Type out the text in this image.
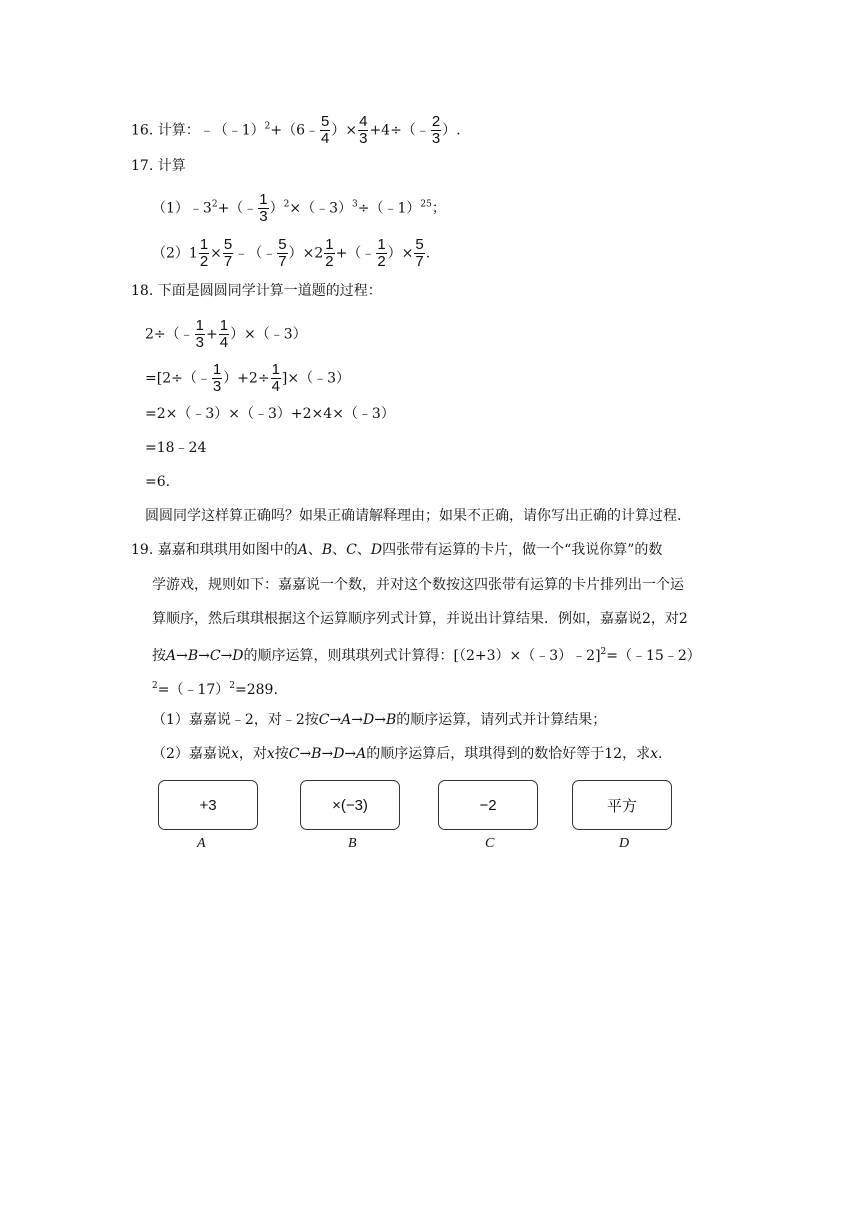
16. 计算：﹣（﹣1）$^2$+（6﹣ $\frac{5}{4}$ ）× $\frac{4}{3}$ +4÷（﹣ $\frac{2}{3}$ ）.
17. 计算
$(1)﹣3^2+(﹣ \frac{1}{3}$ ）$^2$×（﹣3）$^3$÷（﹣1）$^{25}$；
$(2)1 \frac{1}{2} \times \frac{5}{7}$ ﹣（﹣ $\frac{5}{7} )\times 2 \frac{1}{2}$ +（﹣ $\frac{1}{2}$ ）× $\frac{5}{7}$ .
18. 下面是圆圆同学计算一道题的过程：
2÷（﹣ $\frac{1}{3} + \frac{1}{4}$ ）×（﹣3）
=[2÷（﹣ $\frac{1}{3} )+2\div \frac{1}{4}$ ]×（﹣3）
=2×（﹣3）×（﹣3）+2×4×（﹣3）
=18﹣24
=6.
圆圆同学这样算正确吗？如果正确请解释理由；如果不正确，请你写出正确的计算过程.
19. 嘉嘉和琪琪用如图中的A、B、C、D四张带有运算的卡片，做一个“我说你算”的数
学游戏，规则如下：嘉嘉说一个数，并对这个数按这四张带有运算的卡片排列出一个运
算顺序，然后琪琪根据这个运算顺序列式计算，并说出计算结果．例如，嘉嘉说2，对2
按A→B→C→D的顺序运算，则琪琪列式计算得：[（2+3）×（﹣3）﹣2]$^2$=（﹣15﹣2）
$^2$=（﹣17）$^2$=289.
（1）嘉嘉说﹣2，对﹣2按C→A→D→B的顺序运算，请列式并计算结果；
（2）嘉嘉说x，对x按C→B→D→A的顺序运算后，琪琪得到的数恰好等于12，求x.
+3
A
×(−3)
B
−2
C
平方
D
